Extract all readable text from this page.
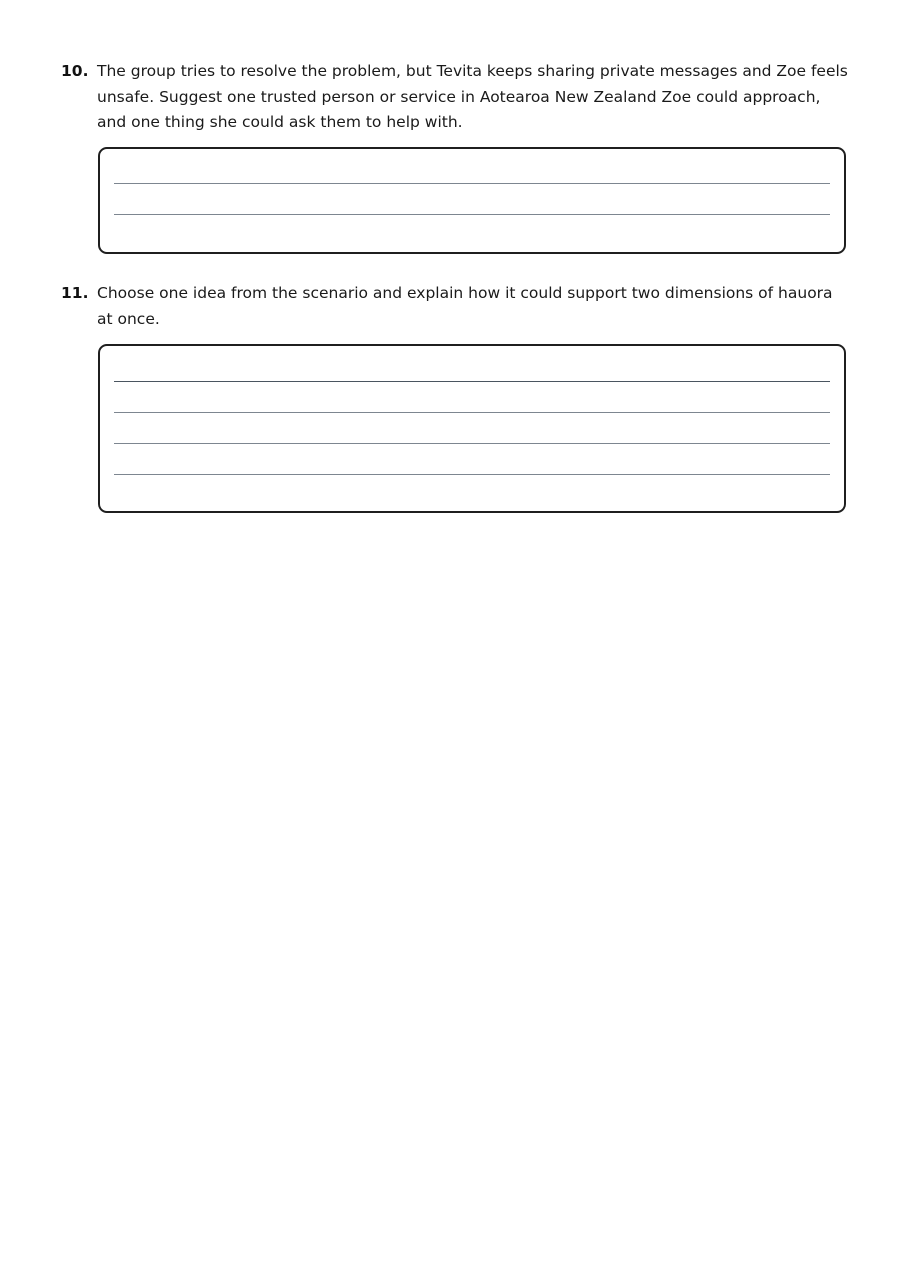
10. The group tries to resolve the problem, but Tevita keeps sharing private messages and Zoe feels unsafe. Suggest one trusted person or service in Aotearoa New Zealand Zoe could approach, and one thing she could ask them to help with.
11. Choose one idea from the scenario and explain how it could support two dimensions of hauora at once.
